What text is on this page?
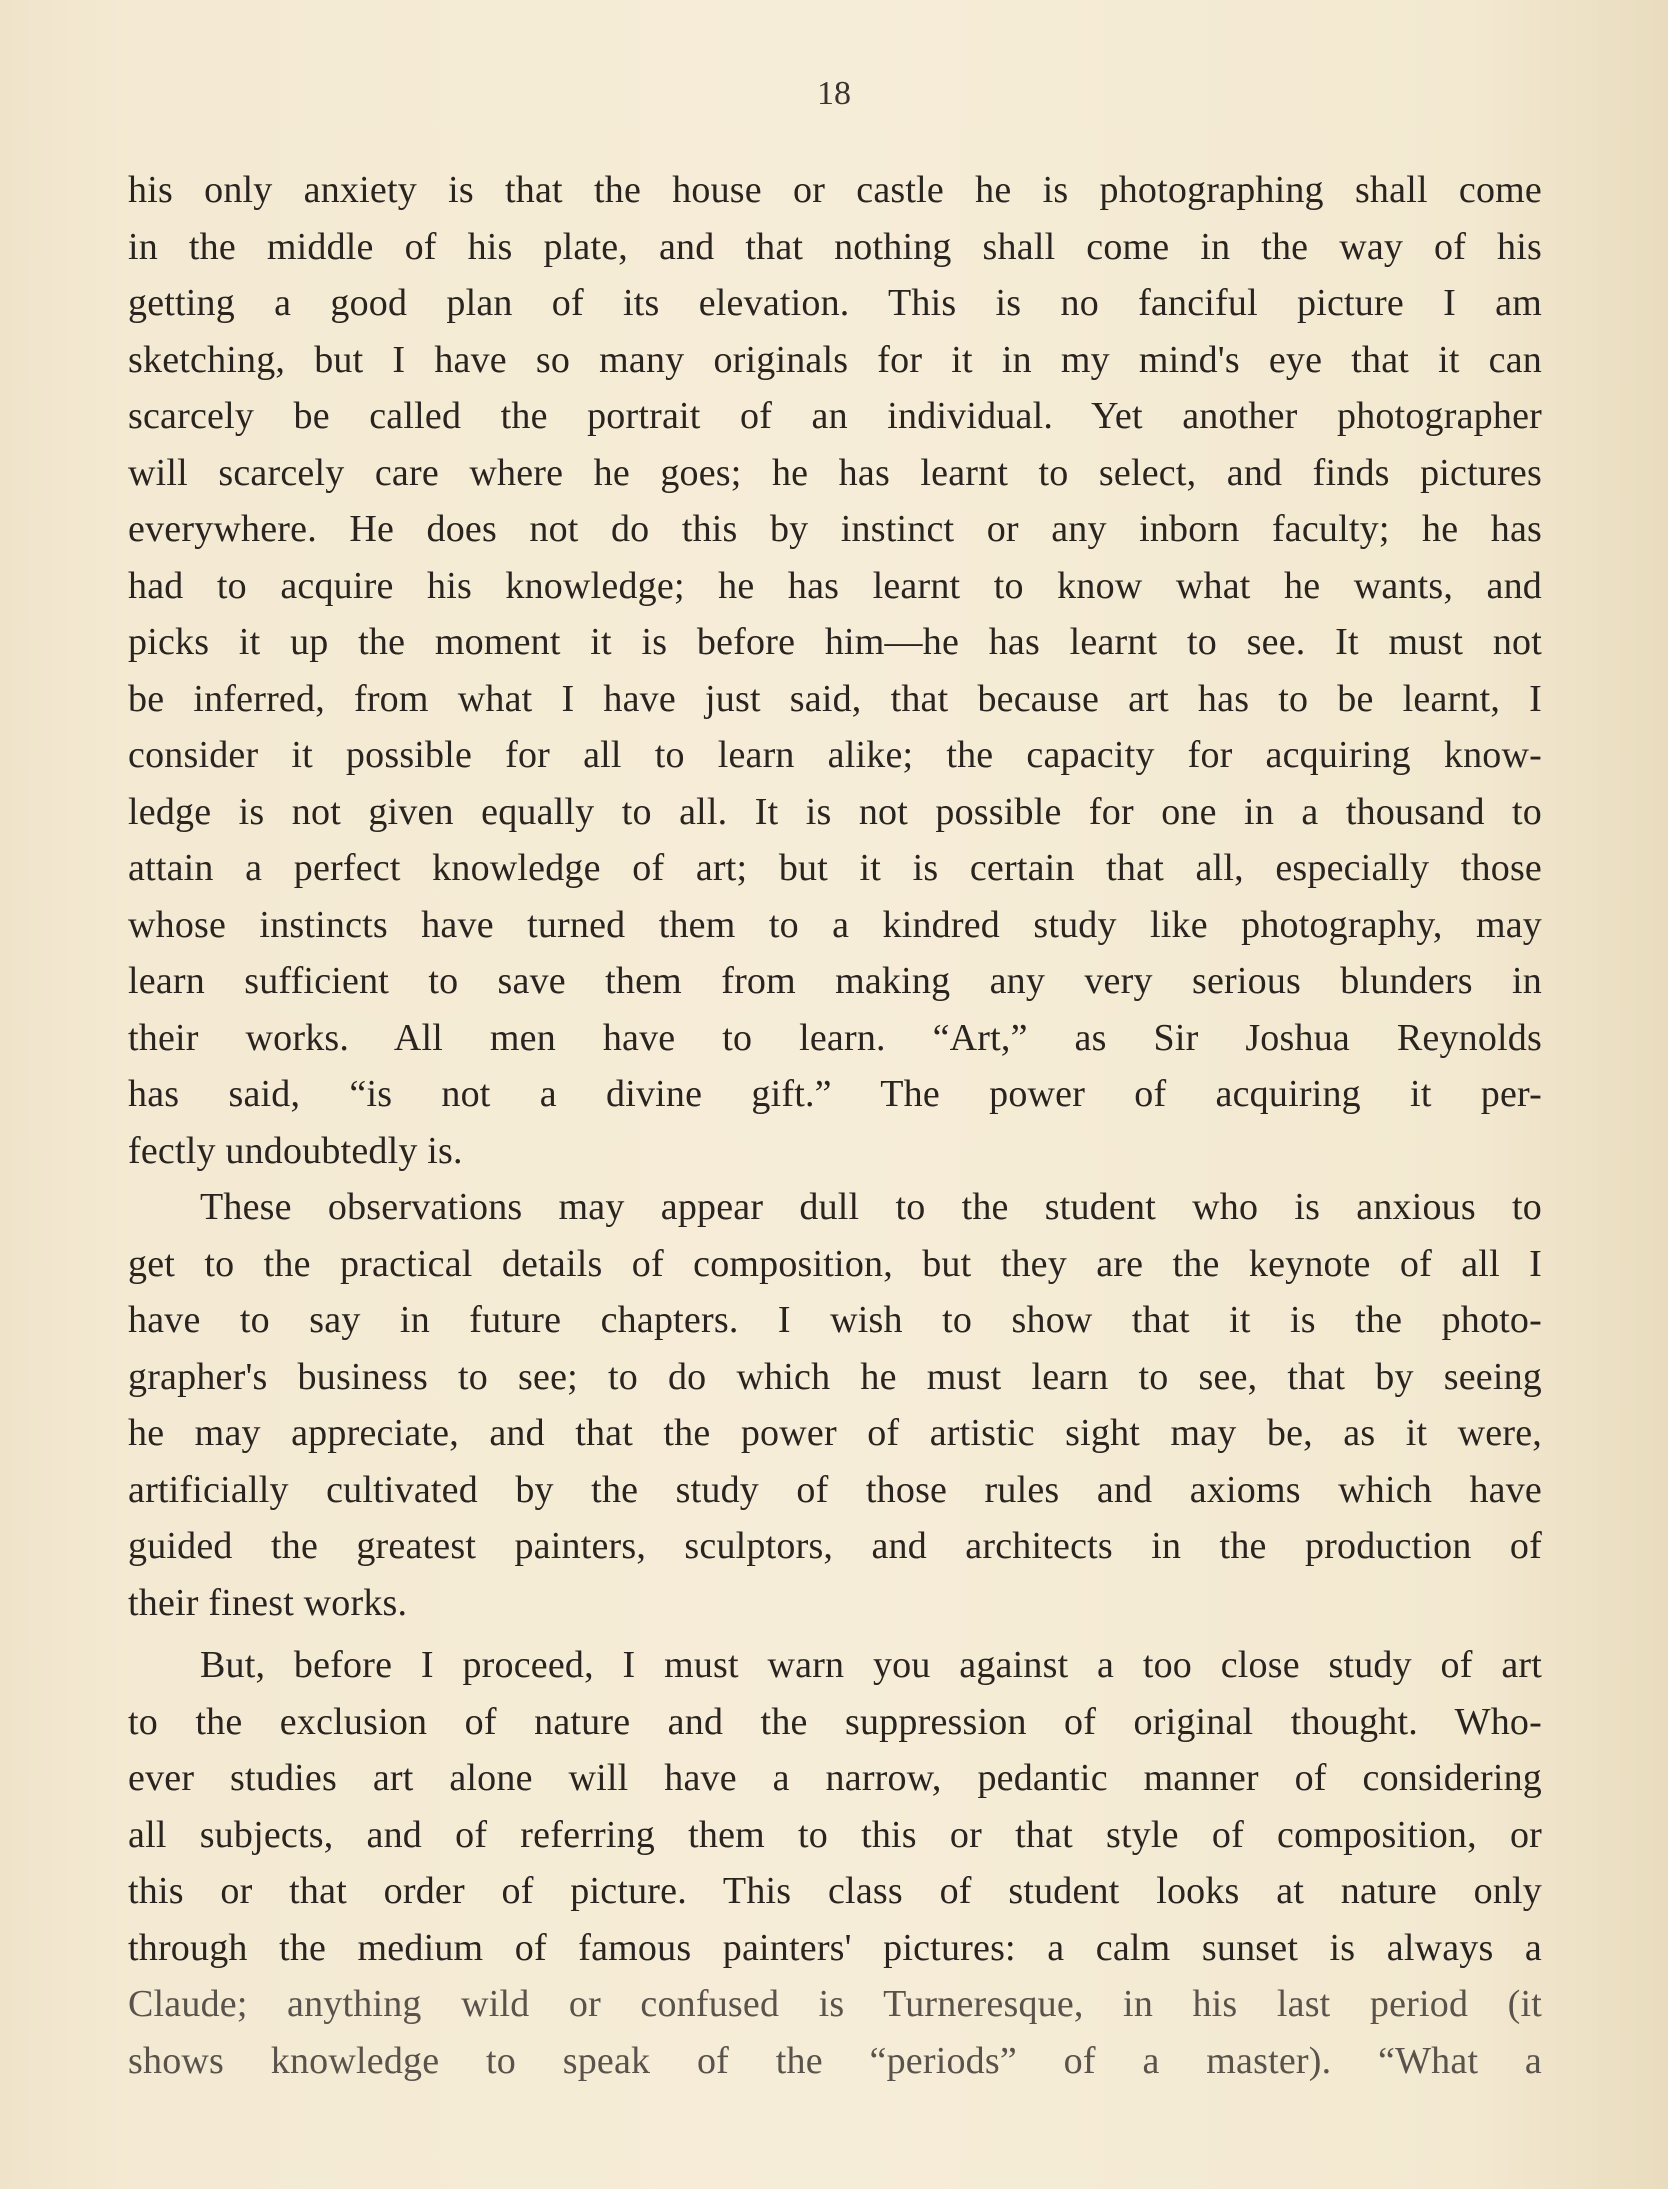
18
his only anxiety is that the house or castle he is photographing shall come
in the middle of his plate, and that nothing shall come in the way of his
getting a good plan of its elevation. This is no fanciful picture I am
sketching, but I have so many originals for it in my mind's eye that it can
scarcely be called the portrait of an individual. Yet another photographer
will scarcely care where he goes; he has learnt to select, and finds pictures
everywhere. He does not do this by instinct or any inborn faculty; he has
had to acquire his knowledge; he has learnt to know what he wants, and
picks it up the moment it is before him—he has learnt to see. It must not
be inferred, from what I have just said, that because art has to be learnt, I
consider it possible for all to learn alike; the capacity for acquiring know-
ledge is not given equally to all. It is not possible for one in a thousand to
attain a perfect knowledge of art; but it is certain that all, especially those
whose instincts have turned them to a kindred study like photography, may
learn sufficient to save them from making any very serious blunders in
their works. All men have to learn. “Art,” as Sir Joshua Reynolds
has said, “is not a divine gift.” The power of acquiring it per-
fectly undoubtedly is.
These observations may appear dull to the student who is anxious to
get to the practical details of composition, but they are the keynote of all I
have to say in future chapters. I wish to show that it is the photo-
grapher's business to see; to do which he must learn to see, that by seeing
he may appreciate, and that the power of artistic sight may be, as it were,
artificially cultivated by the study of those rules and axioms which have
guided the greatest painters, sculptors, and architects in the production of
their finest works.
But, before I proceed, I must warn you against a too close study of art
to the exclusion of nature and the suppression of original thought. Who-
ever studies art alone will have a narrow, pedantic manner of considering
all subjects, and of referring them to this or that style of composition, or
this or that order of picture. This class of student looks at nature only
through the medium of famous painters' pictures: a calm sunset is always a
Claude; anything wild or confused is Turneresque, in his last period (it
shows knowledge to speak of the “periods” of a master). “What a
